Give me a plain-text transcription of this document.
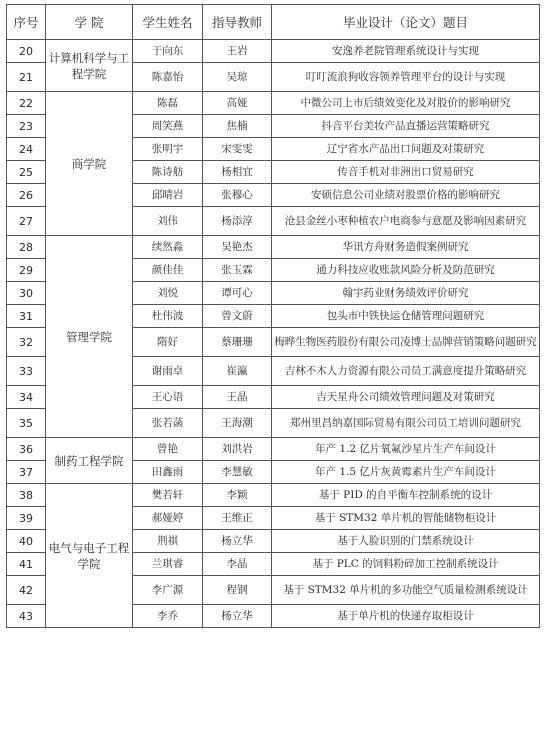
序号	学 院	学生姓名	指导教师	毕业设计（论文）题目
20	计算机科学与工程学院	于向东	王岩	安逸养老院管理系统设计与实现
21		陈嘉怡	吴琼	叮叮流浪狗收容领养管理平台的设计与实现
22	商学院	陈磊	高娅	中微公司上市后绩效变化及对股价的影响研究
23		周笑燕	焦楠	抖音平台美妆产品直播运营策略研究
24		张明宇	宋雯雯	辽宁省水产品出口问题及对策研究
25		陈诗舫	杨相宜	传音手机对非洲出口贸易研究
26		邱晴岩	张穆心	安硕信息公司业绩对股票价格的影响研究
27		刘伟	杨添淳	沧县金丝小枣种植农户电商参与意愿及影响因素研究
28	管理学院	续然淼	吴艳杰	华讯方舟财务造假案例研究
29		颜佳佳	张玉霖	通力科技应收账款风险分析及防范研究
30		刘悦	谭可心	翰宇药业财务绩效评价研究
31		杜伟波	曾文蔚	包头市中铁快运仓储管理问题研究
32		隋好	蔡珊珊	梅晔生物医药股份有限公司凌博士品牌营销策略问题研究
33		谢雨卓	崔瀛	吉林不木人力资源有限公司员工满意度提升策略研究
34		王心语	王晶	吉天星舟公司绩效管理问题及对策研究
35		张若菡	王海潮	郑州里昌纳嘉国际贸易有限公司员工培训问题研究
36	制药工程学院	曾艳	刘洪岩	年产 1.2 亿片氧氟沙星片生产车间设计
37		田鑫雨	李慧敏	年产 1.5 亿片灰黄霉素片生产车间设计
38	电气与电子工程学院	樊若轩	李颖	基于 PID 的自平衡车控制系统的设计
39		郝娅婷	王维正	基于 STM32 单片机的智能储物柜设计
40		荆祺	杨立华	基于人脸识别的门禁系统设计
41		兰琪睿	李晶	基于 PLC 的饲料粉碎加工控制系统设计
42		李广源	程钢	基于 STM32 单片机的多功能空气质量检测系统设计
43		李乔	杨立华	基于单片机的快递存取柜设计
